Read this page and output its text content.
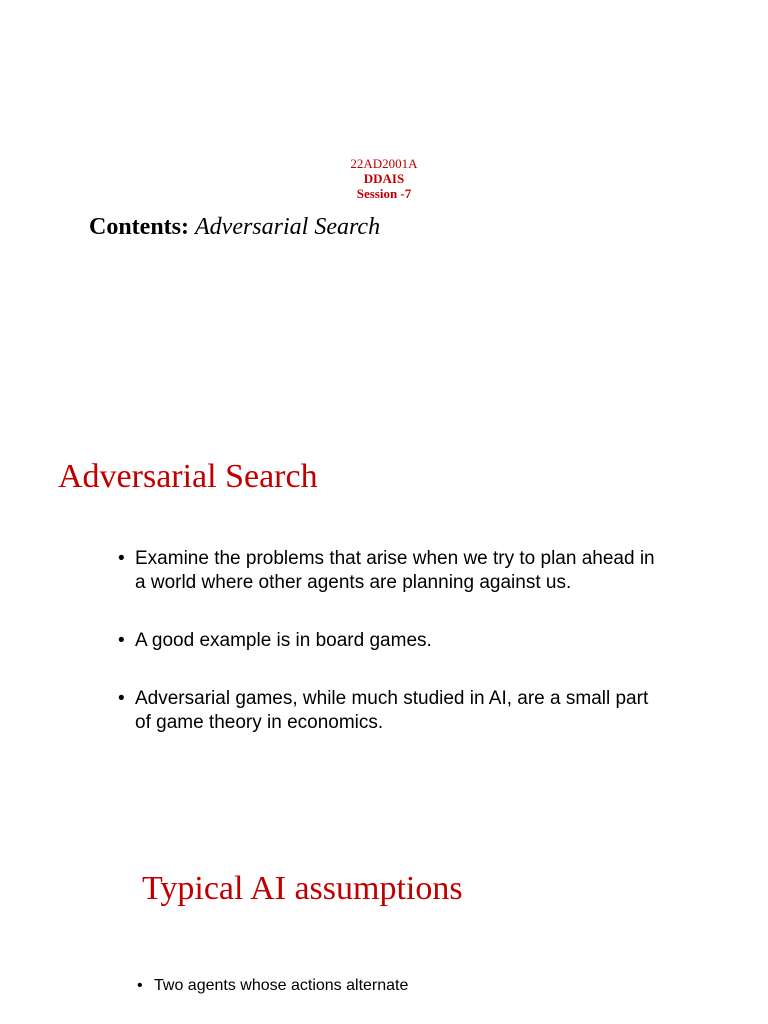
22AD2001A
DDAIS
Session -7
Contents: Adversarial Search
Adversarial Search
• Examine the problems that arise when we try to plan ahead in a world where other agents are planning against us.
• A good example is in board games.
• Adversarial games, while much studied in AI, are a small part of game theory in economics.
Typical AI assumptions
• Two agents whose actions alternate
